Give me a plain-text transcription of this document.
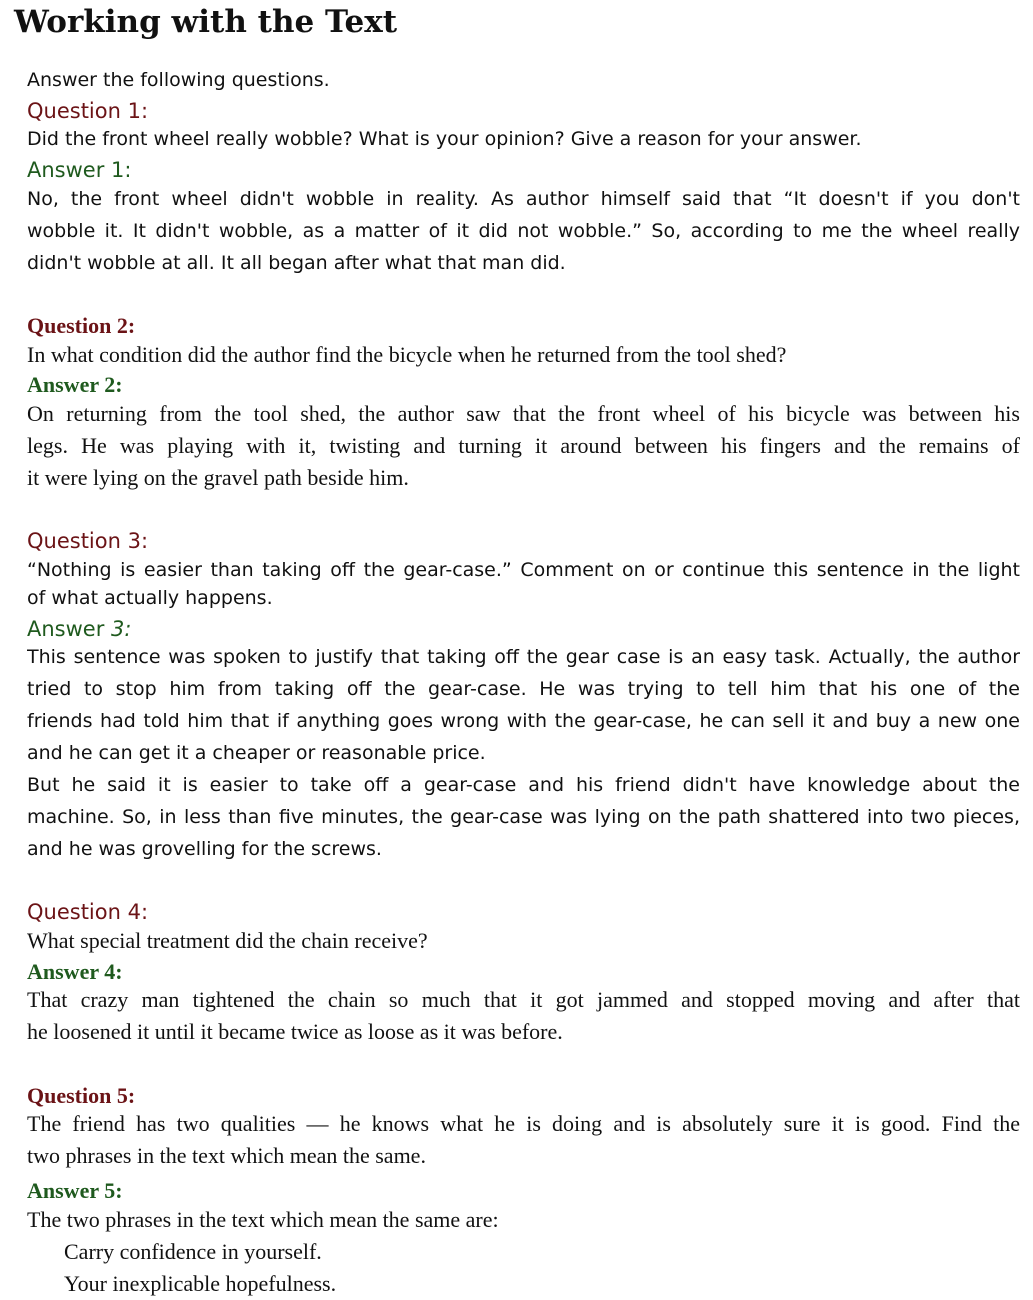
Working with the Text
Answer the following questions.
Question 1:
Did the front wheel really wobble? What is your opinion? Give a reason for your answer.
Answer 1:
No, the front wheel didn't wobble in reality. As author himself said that “It doesn't if you don't
wobble it. It didn't wobble, as a matter of it did not wobble.” So, according to me the wheel really
didn't wobble at all. It all began after what that man did.
Question 2:
In what condition did the author find the bicycle when he returned from the tool shed?
Answer 2:
On returning from the tool shed, the author saw that the front wheel of his bicycle was between his
legs. He was playing with it, twisting and turning it around between his fingers and the remains of
it were lying on the gravel path beside him.
Question 3:
“Nothing is easier than taking off the gear-case.” Comment on or continue this sentence in the light
of what actually happens.
Answer 3:
This sentence was spoken to justify that taking off the gear case is an easy task. Actually, the author
tried to stop him from taking off the gear-case. He was trying to tell him that his one of the
friends had told him that if anything goes wrong with the gear-case, he can sell it and buy a new one
and he can get it a cheaper or reasonable price.
But he said it is easier to take off a gear-case and his friend didn't have knowledge about the
machine. So, in less than five minutes, the gear-case was lying on the path shattered into two pieces,
and he was grovelling for the screws.
Question 4:
What special treatment did the chain receive?
Answer 4:
That crazy man tightened the chain so much that it got jammed and stopped moving and after that
he loosened it until it became twice as loose as it was before.
Question 5:
The friend has two qualities — he knows what he is doing and is absolutely sure it is good. Find the
two phrases in the text which mean the same.
Answer 5:
The two phrases in the text which mean the same are:
Carry confidence in yourself.
Your inexplicable hopefulness.
